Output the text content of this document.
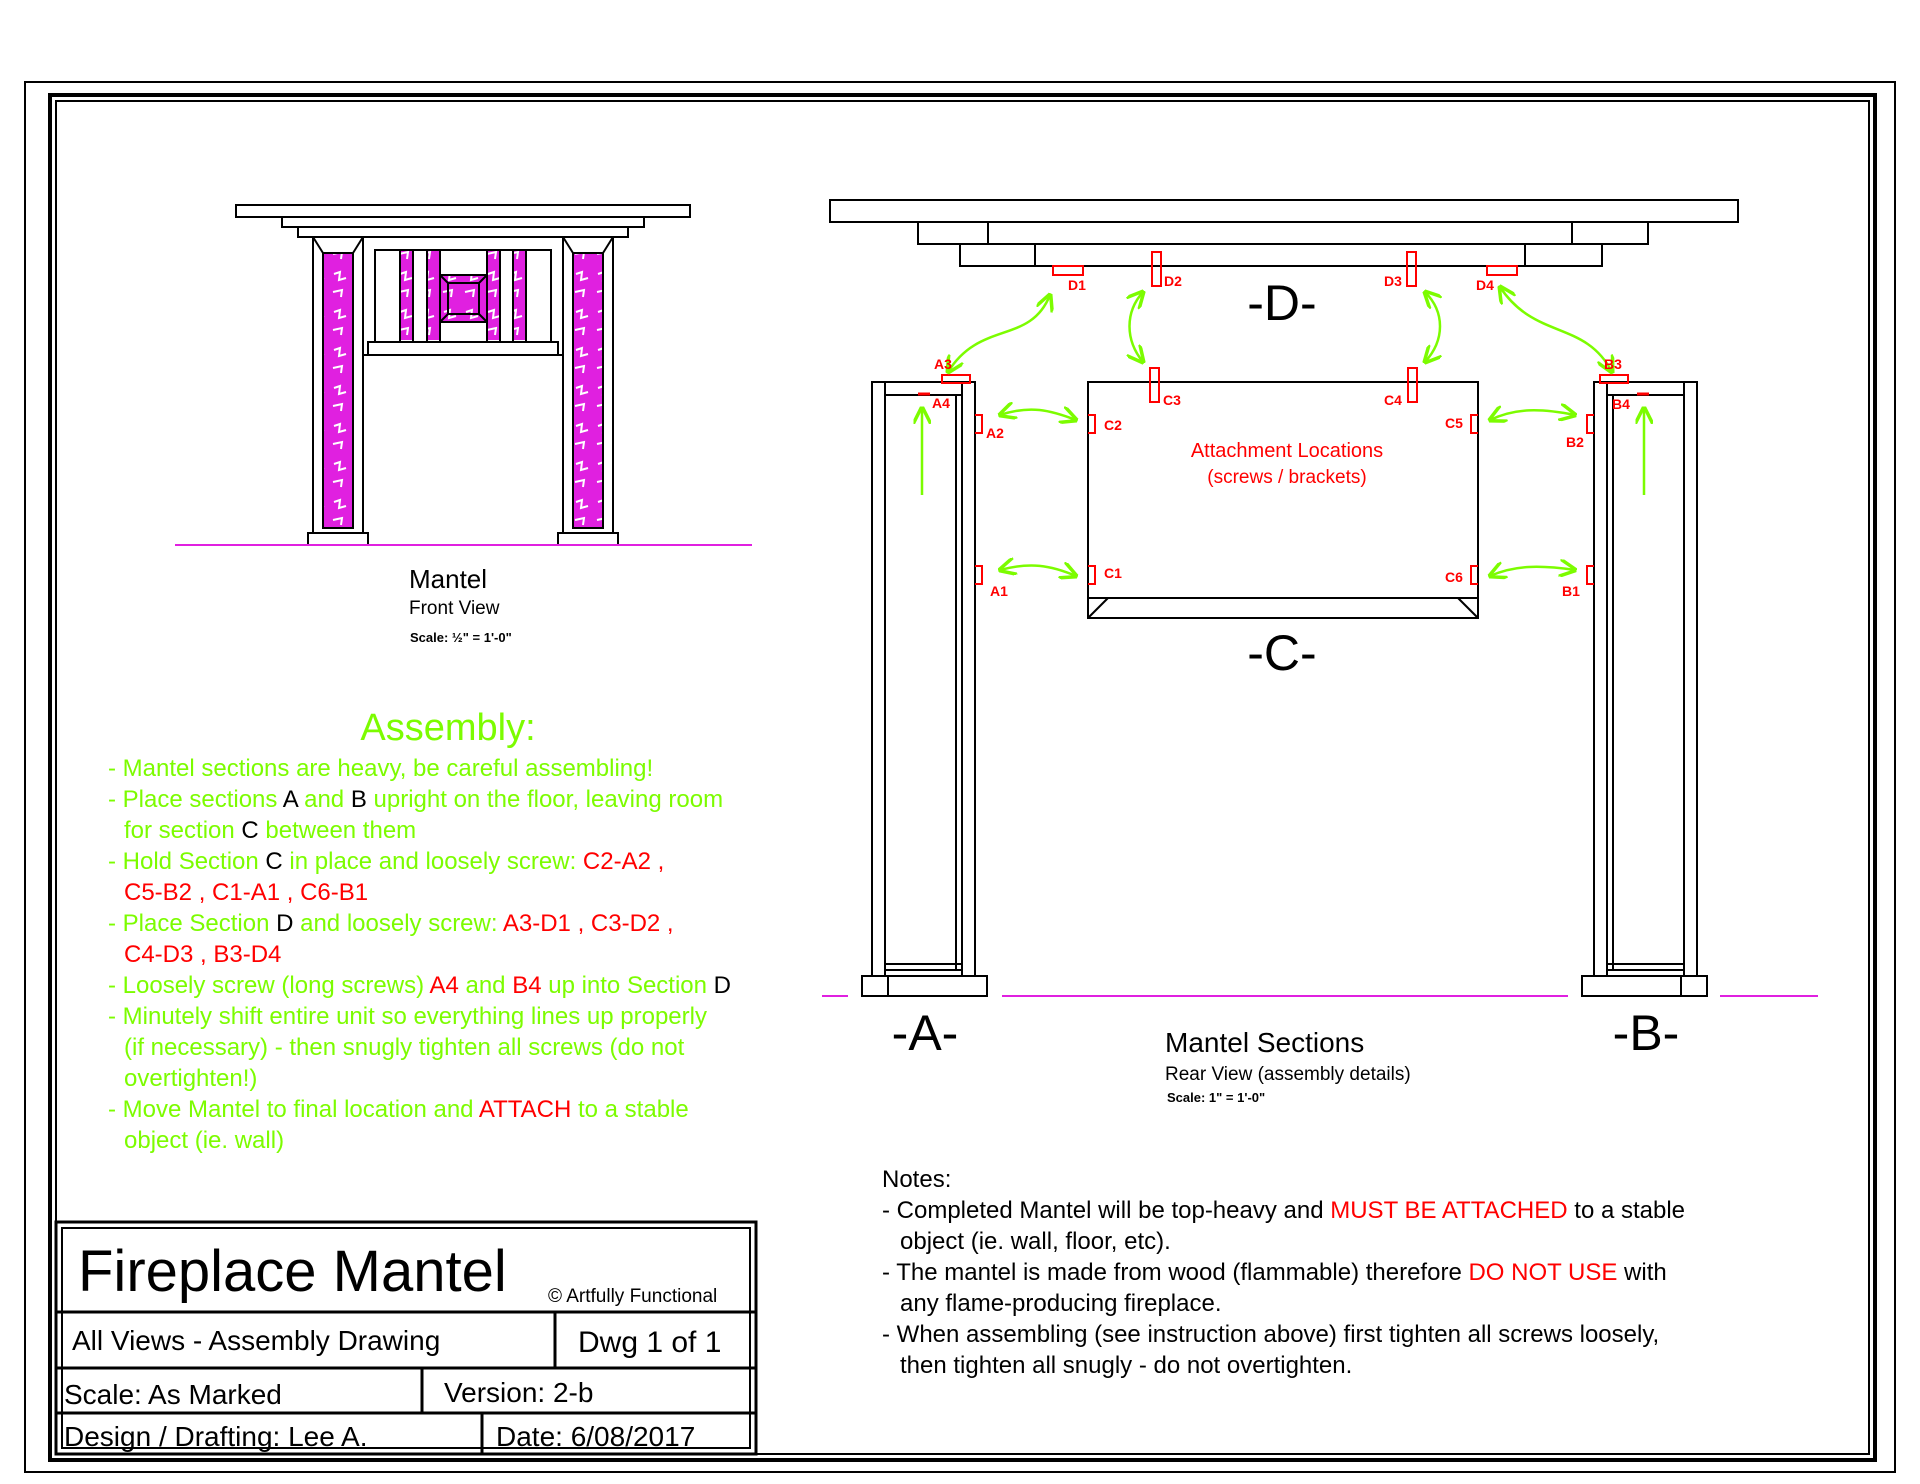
Mantel
Front View
Scale: ½" = 1'-0"
D1	D2	D3	D4
C3	C4
C2
C1
C5
C6
A3
A4
A2
A1
B3
B4
B2
B1
-D-
-C-
-A-	-B-
Attachment Locations
(screws / brackets)
Mantel Sections
Rear View (assembly details)
Scale: 1" = 1'-0"
Assembly:
- Mantel sections are heavy, be careful assembling!
- Place sections A and B upright on the floor, leaving room
for section C between them
- Hold Section C in place and loosely screw: C2-A2 ,
C5-B2 , C1-A1 , C6-B1
- Place Section D and loosely screw: A3-D1 , C3-D2 ,
C4-D3 , B3-D4
- Loosely screw (long screws) A4 and B4 up into Section D
- Minutely shift entire unit so everything lines up properly
(if necessary) - then snugly tighten all screws (do not
overtighten!)
- Move Mantel to final location and ATTACH to a stable
object (ie. wall)
Notes:
- Completed Mantel will be top-heavy and MUST BE ATTACHED to a stable
object (ie. wall, floor, etc).
- The mantel is made from wood (flammable) therefore DO NOT USE with
any flame-producing fireplace.
- When assembling (see instruction above) first tighten all screws loosely,
then tighten all snugly - do not overtighten.
Fireplace Mantel © Artfully Functional
All Views - Assembly Drawing	Dwg 1 of 1
Scale: As Marked	Version: 2-b
Design / Drafting: Lee A.	Date: 6/08/2017
